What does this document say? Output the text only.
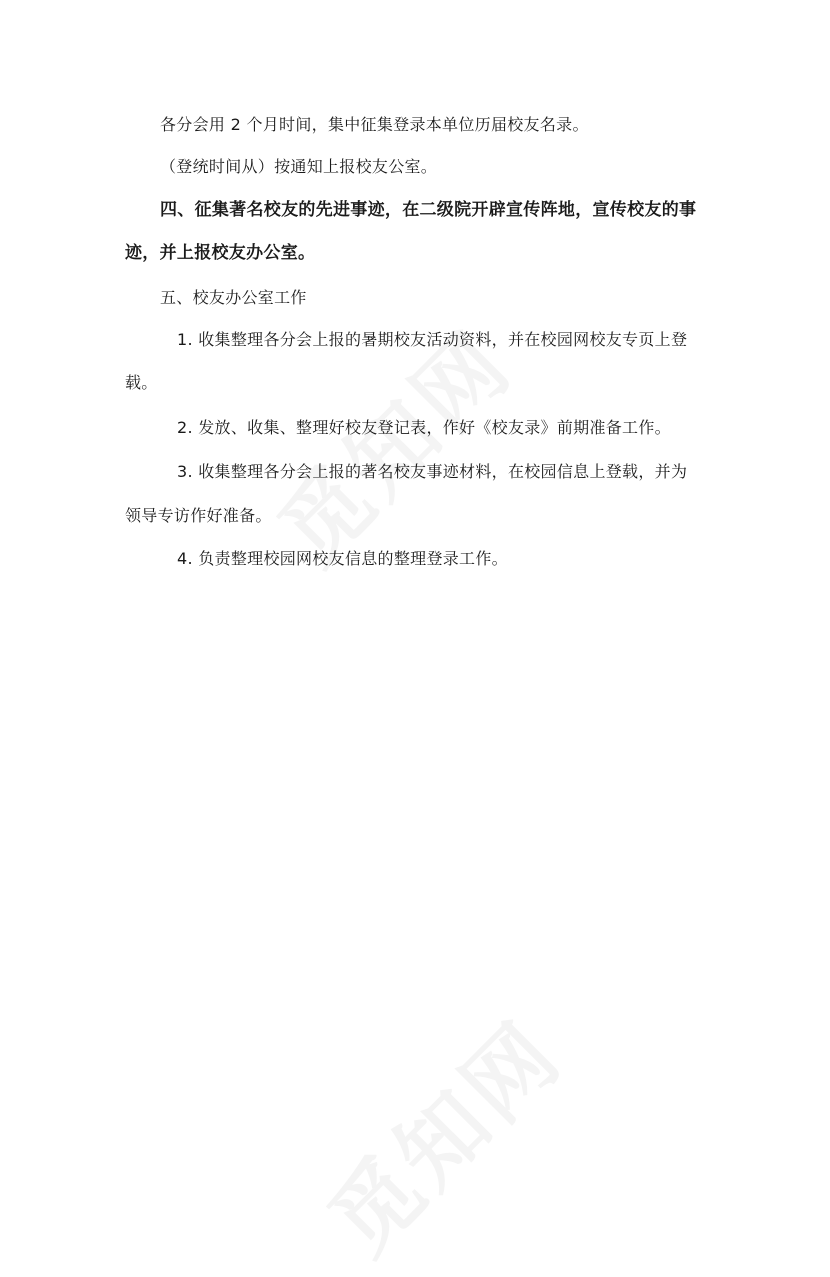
各分会用 2 个月时间，集中征集登录本单位历届校友名录。
（登统时间从）按通知上报校友公室。
四、征集著名校友的先进事迹，在二级院开辟宣传阵地，宣传校友的事
迹，并上报校友办公室。
五、校友办公室工作
1. 收集整理各分会上报的暑期校友活动资料，并在校园网校友专页上登
载。
2. 发放、收集、整理好校友登记表，作好《校友录》前期准备工作。
3. 收集整理各分会上报的著名校友事迹材料，在校园信息上登载，并为
领导专访作好准备。
4. 负责整理校园网校友信息的整理登录工作。
